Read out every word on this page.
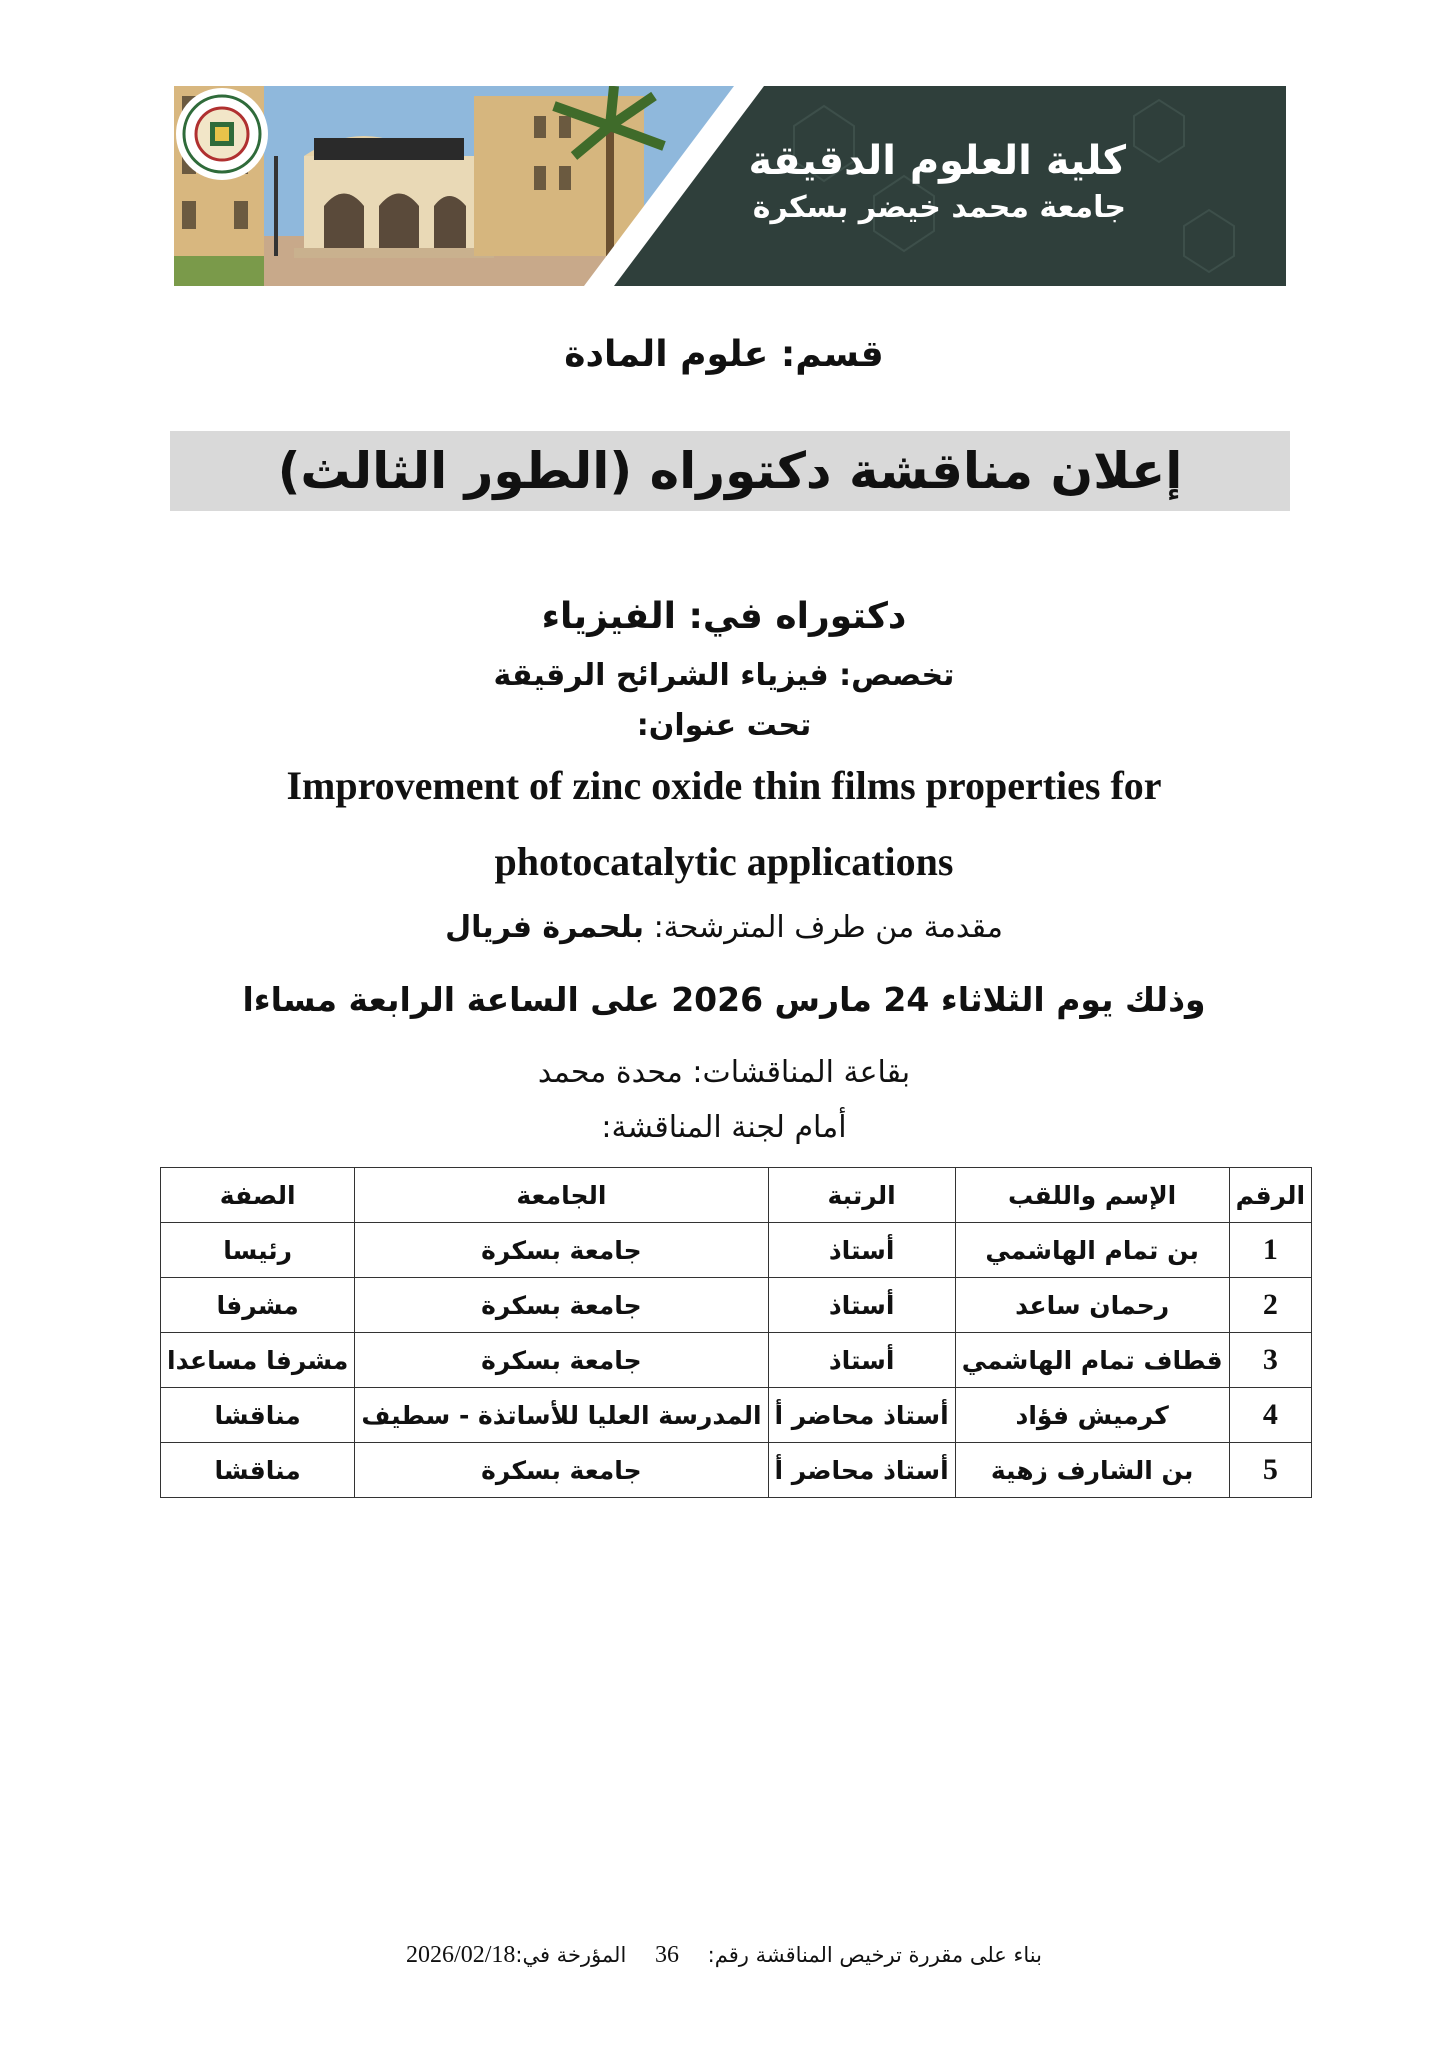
كلية العلوم الدقيقة
جامعة محمد خيضر بسكرة
قسم: علوم المادة
إعلان مناقشة دكتوراه (الطور الثالث)
دكتوراه في: الفيزياء
تخصص: فيزياء الشرائح الرقيقة
تحت عنوان:
Improvement of zinc oxide thin films properties for
photocatalytic applications
مقدمة من طرف المترشحة: بلحمرة فريال
وذلك يوم الثلاثاء 24 مارس 2026 على الساعة الرابعة مساءا
بقاعة المناقشات: محدة محمد
أمام لجنة المناقشة:
الرقم	الإسم واللقب	الرتبة	الجامعة	الصفة
1	بن تمام الهاشمي	أستاذ	جامعة بسكرة	رئيسا
2	رحمان ساعد	أستاذ	جامعة بسكرة	مشرفا
3	قطاف تمام الهاشمي	أستاذ	جامعة بسكرة	مشرفا مساعدا
4	كرميش فؤاد	أستاذ محاضر أ	المدرسة العليا للأساتذة - سطيف	مناقشا
5	بن الشارف زهية	أستاذ محاضر أ	جامعة بسكرة	مناقشا
بناء على مقررة ترخيص المناقشة رقم: 36 المؤرخة في:2026/02/18
